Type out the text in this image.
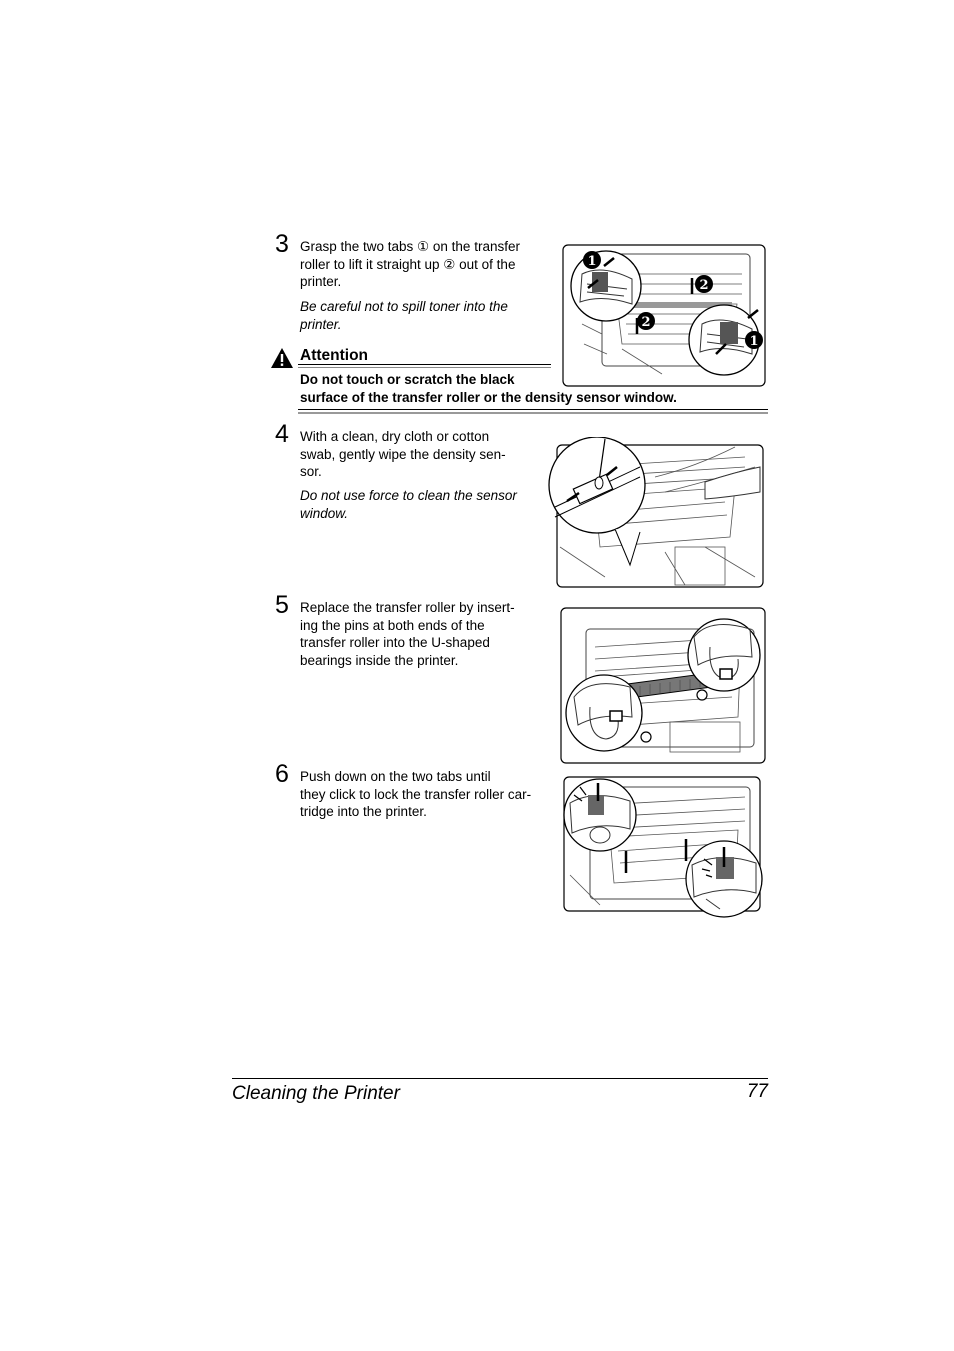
3 Grasp the two tabs ① on the transfer
roller to lift it straight up ② out of the
printer.
Be careful not to spill toner into the
printer.
1
2
2
1
Attention
Do not touch or scratch the black
surface of the transfer roller or the density sensor window.
4 With a clean, dry cloth or cotton
swab, gently wipe the density sen-
sor.
Do not use force to clean the sensor
window.
5 Replace the transfer roller by insert-
ing the pins at both ends of the
transfer roller into the U-shaped
bearings inside the printer.
6 Push down on the two tabs until
they click to lock the transfer roller car-
tridge into the printer.
Cleaning the Printer	77
